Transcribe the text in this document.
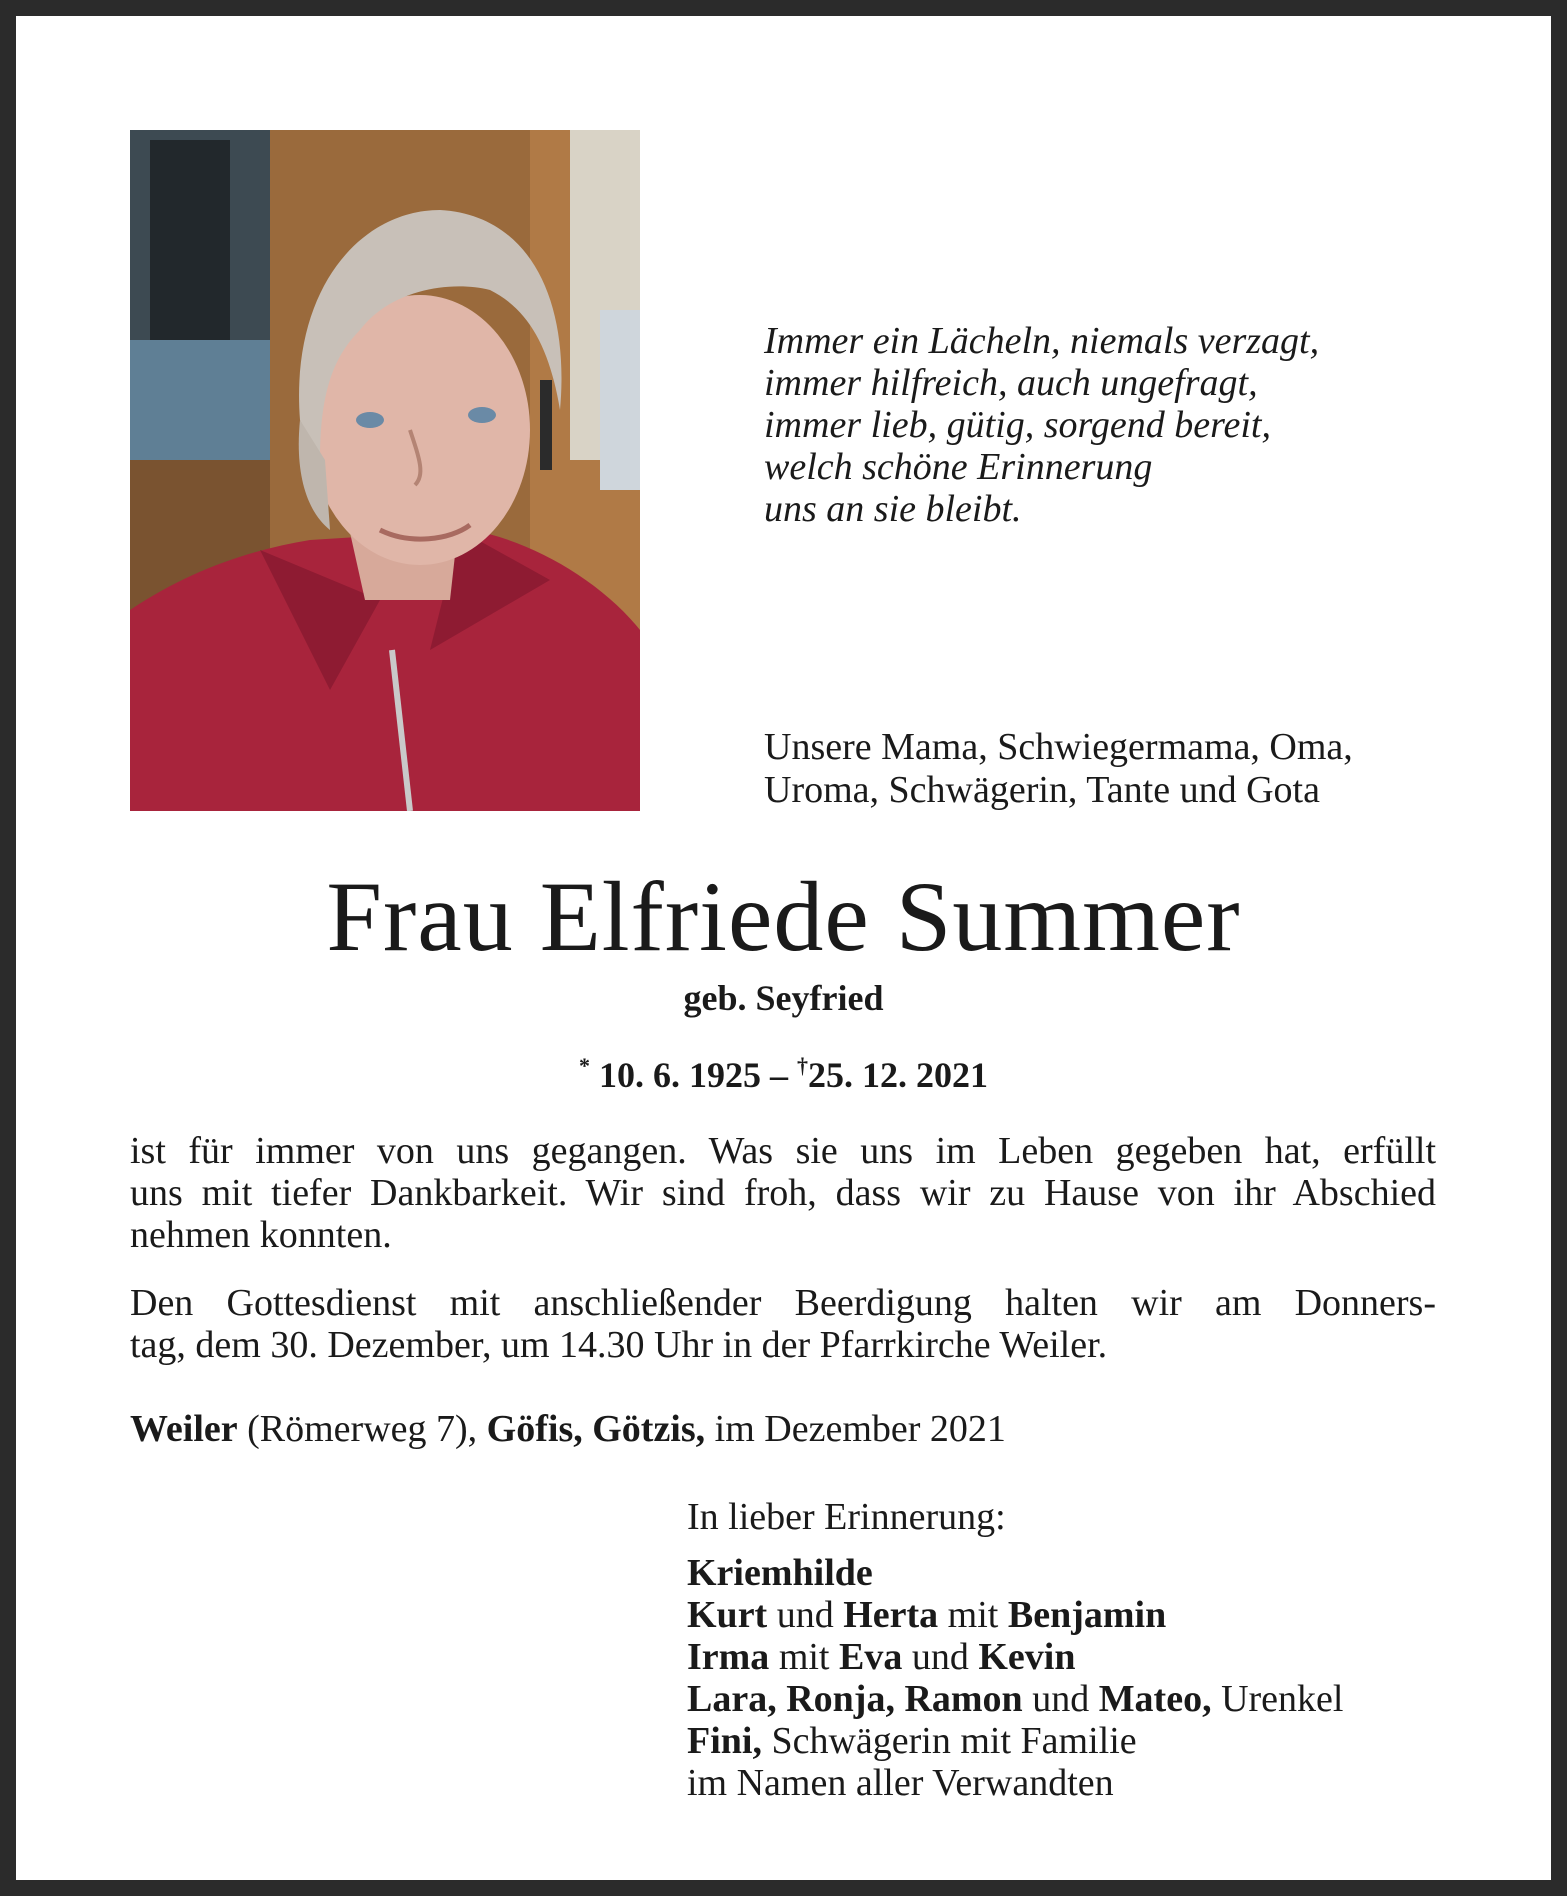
Immer ein Lächeln, niemals verzagt,
immer hilfreich, auch ungefragt,
immer lieb, gütig, sorgend bereit,
welch schöne Erinnerung
uns an sie bleibt.
Unsere Mama, Schwiegermama, Oma,
Uroma, Schwägerin, Tante und Gota
Frau Elfriede Summer
geb. Seyfried
* 10. 6. 1925 – †25. 12. 2021
ist für immer von uns gegangen. Was sie uns im Leben gegeben hat, erfüllt
uns mit tiefer Dankbarkeit. Wir sind froh, dass wir zu Hause von ihr Abschied
nehmen konnten.
Den Gottesdienst mit anschließender Beerdigung halten wir am Donners-
tag, dem 30. Dezember, um 14.30 Uhr in der Pfarrkirche Weiler.
Weiler (Römerweg 7), Göfis, Götzis, im Dezember 2021
In lieber Erinnerung:
Kriemhilde
Kurt und Herta mit Benjamin
Irma mit Eva und Kevin
Lara, Ronja, Ramon und Mateo, Urenkel
Fini, Schwägerin mit Familie
im Namen aller Verwandten
